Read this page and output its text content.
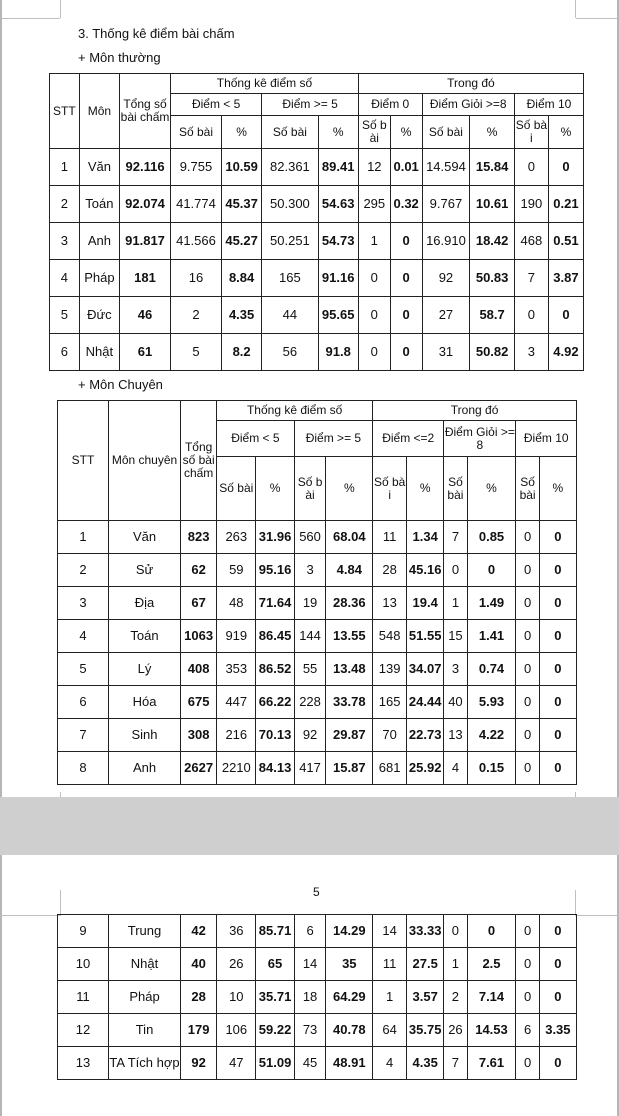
3. Thống kê điểm bài chấm
+ Môn thường
STT	Môn	Tổng số bài chấm	Thống kê điểm số				Trong đó					
			Điểm < 5		Điểm >= 5		Điểm 0		Điểm Giỏi >=8		Điểm 10	
			Số bài	%	Số bài	%	Số bài	%	Số bài	%	Số bài	%
1	Văn	92.116	9.755	10.59	82.361	89.41	12	0.01	14.594	15.84	0	0
2	Toán	92.074	41.774	45.37	50.300	54.63	295	0.32	9.767	10.61	190	0.21
3	Anh	91.817	41.566	45.27	50.251	54.73	1	0	16.910	18.42	468	0.51
4	Pháp	181	16	8.84	165	91.16	0	0	92	50.83	7	3.87
5	Đức	46	2	4.35	44	95.65	0	0	27	58.7	0	0
6	Nhật	61	5	8.2	56	91.8	0	0	31	50.82	3	4.92
+ Môn Chuyên
STT	Môn chuyên	Tổng số bài chấm	Thống kê điểm số				Trong đó					
			Điểm < 5		Điểm >= 5		Điểm <=2		Điểm Giỏi >=8		Điểm 10	
			Số bài	%	Số bài	%	Số bài	%	Số bài	%	Số bài	%
1	Văn	823	263	31.96	560	68.04	11	1.34	7	0.85	0	0
2	Sử	62	59	95.16	3	4.84	28	45.16	0	0	0	0
3	Địa	67	48	71.64	19	28.36	13	19.4	1	1.49	0	0
4	Toán	1063	919	86.45	144	13.55	548	51.55	15	1.41	0	0
5	Lý	408	353	86.52	55	13.48	139	34.07	3	0.74	0	0
6	Hóa	675	447	66.22	228	33.78	165	24.44	40	5.93	0	0
7	Sinh	308	216	70.13	92	29.87	70	22.73	13	4.22	0	0
8	Anh	2627	2210	84.13	417	15.87	681	25.92	4	0.15	0	0
5
9	Trung	42	36	85.71	6	14.29	14	33.33	0	0	0	0
10	Nhật	40	26	65	14	35	11	27.5	1	2.5	0	0
11	Pháp	28	10	35.71	18	64.29	1	3.57	2	7.14	0	0
12	Tin	179	106	59.22	73	40.78	64	35.75	26	14.53	6	3.35
13	TA Tích hợp	92	47	51.09	45	48.91	4	4.35	7	7.61	0	0
